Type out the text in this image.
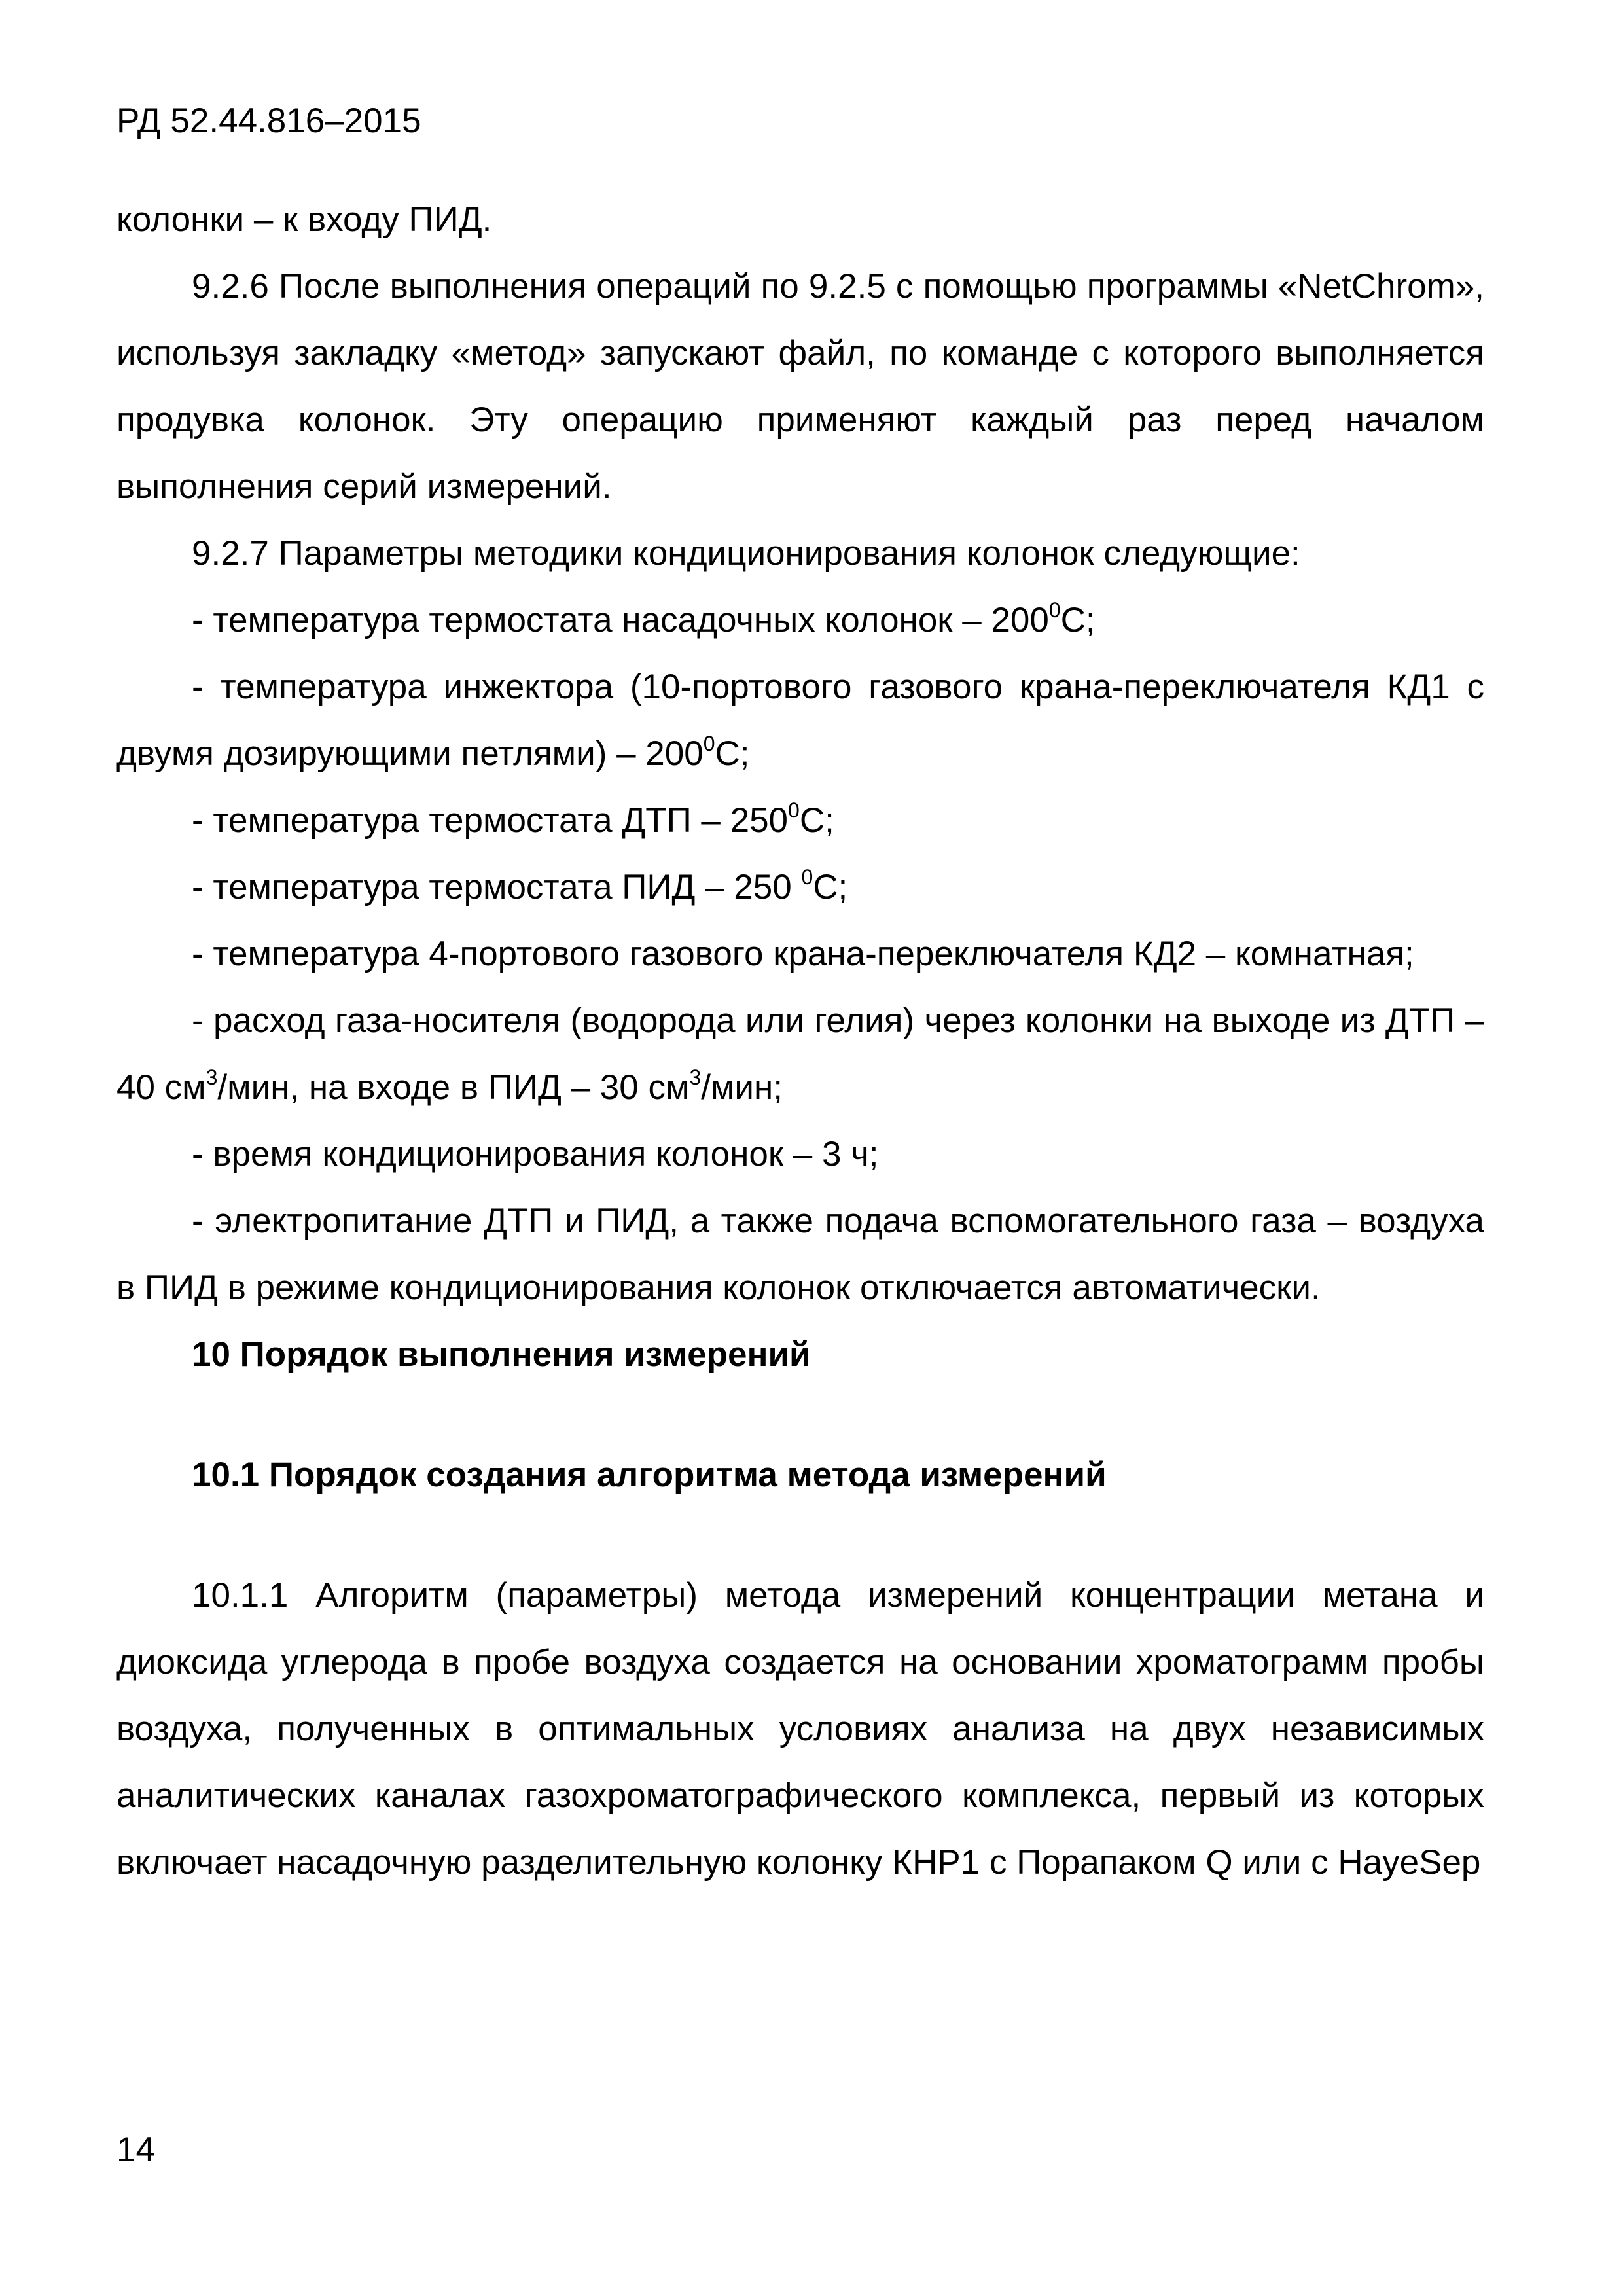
РД 52.44.816–2015

колонки – к входу ПИД.

9.2.6 После выполнения операций по 9.2.5 с помощью программы «NetChrom», используя закладку «метод» запускают файл, по команде с которого выполняется продувка колонок. Эту операцию применяют каждый раз перед началом выполнения серий измерений.

9.2.7 Параметры методики кондиционирования колонок следующие:

- температура термостата насадочных колонок – $200^0С$;

- температура инжектора (10-портового газового крана-переключателя КД1 с двумя дозирующими петлями) – $200^0С$;

- температура термостата ДТП – $250^0С$;

- температура термостата ПИД – 250 $^0$С;

- температура 4-портового газового крана-переключателя КД2 – комнатная;

- расход газа-носителя (водорода или гелия) через колонки на выходе из ДТП – 40 $см^3$/мин, на входе в ПИД – 30 $см^3$/мин;

- время кондиционирования колонок – 3 ч;

- электропитание ДТП и ПИД, а также подача вспомогательного газа – воздуха в ПИД в режиме кондиционирования колонок отключается автоматически.

10 Порядок выполнения измерений
10.1 Порядок создания алгоритма метода измерений

10.1.1 Алгоритм (параметры) метода измерений концентрации метана и диоксида углерода в пробе воздуха создается на основании хроматограмм пробы воздуха, полученных в оптимальных условиях анализа на двух независимых аналитических каналах газохроматографического комплекса, первый из которых включает насадочную разделительную колонку КНР1 с Порапаком Q или с HayeSep

14
